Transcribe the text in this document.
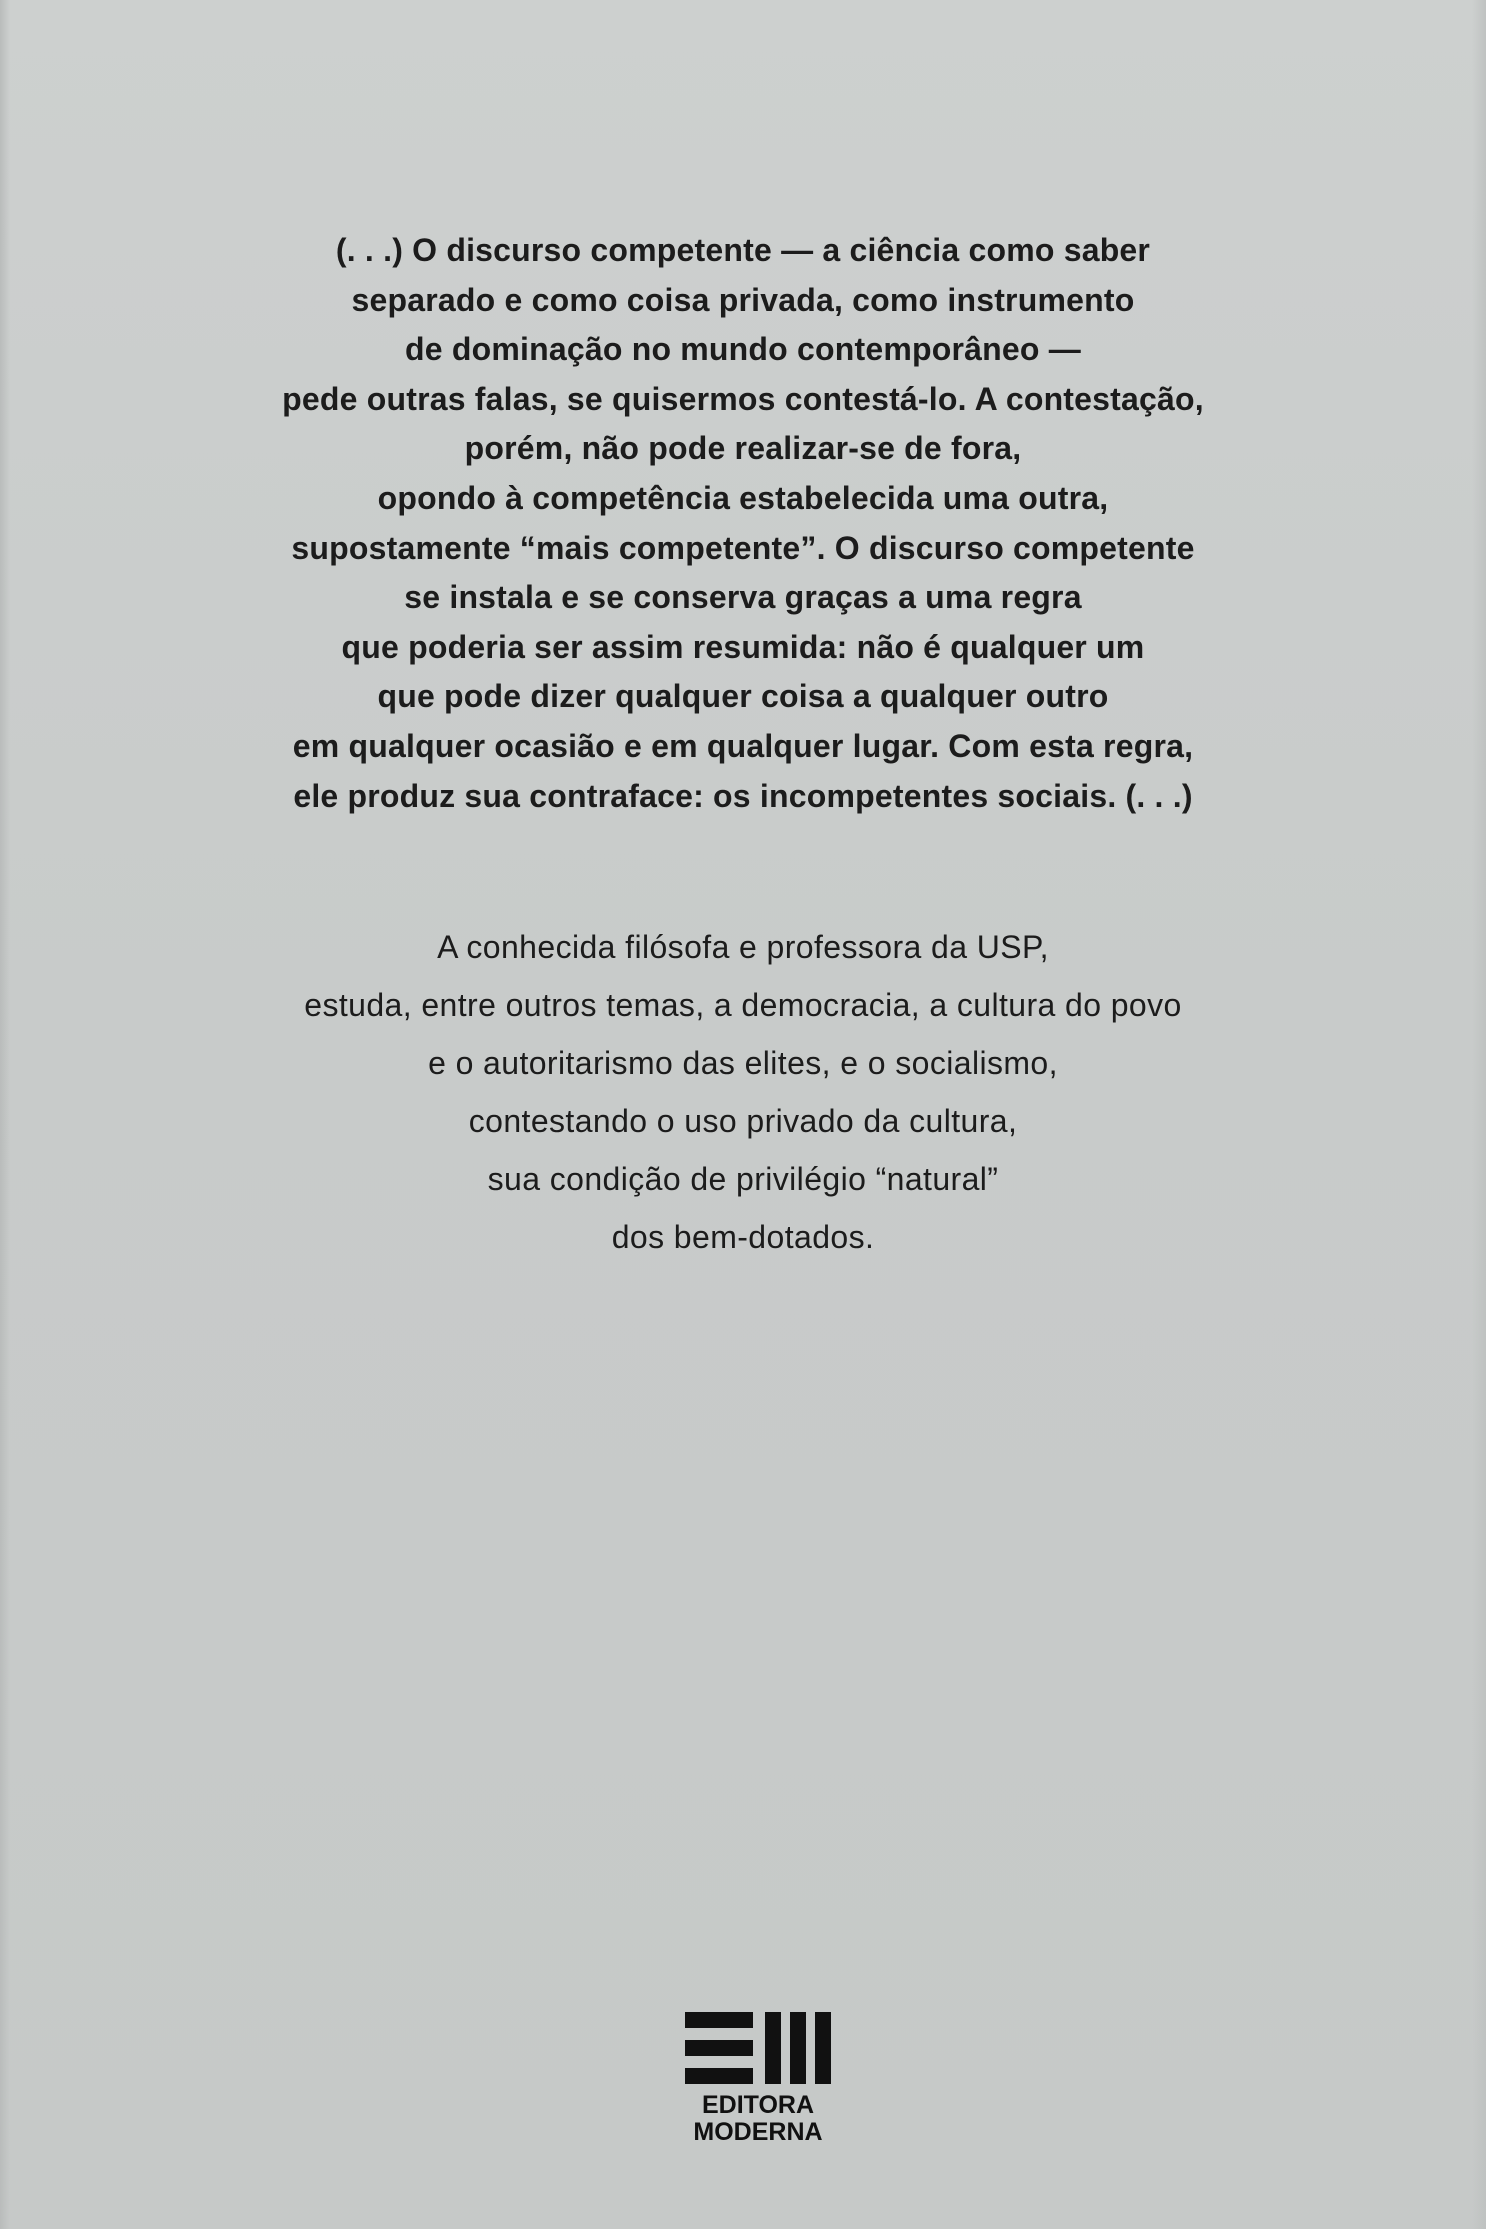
(. . .) O discurso competente — a ciência como saber
separado e como coisa privada, como instrumento
de dominação no mundo contemporâneo —
pede outras falas, se quisermos contestá-lo. A contestação,
porém, não pode realizar-se de fora,
opondo à competência estabelecida uma outra,
supostamente “mais competente”. O discurso competente
se instala e se conserva graças a uma regra
que poderia ser assim resumida: não é qualquer um
que pode dizer qualquer coisa a qualquer outro
em qualquer ocasião e em qualquer lugar. Com esta regra,
ele produz sua contraface: os incompetentes sociais. (. . .)
A conhecida filósofa e professora da USP,
estuda, entre outros temas, a democracia, a cultura do povo
e o autoritarismo das elites, e o socialismo,
contestando o uso privado da cultura,
sua condição de privilégio “natural”
dos bem-dotados.
EDITORA
MODERNA
